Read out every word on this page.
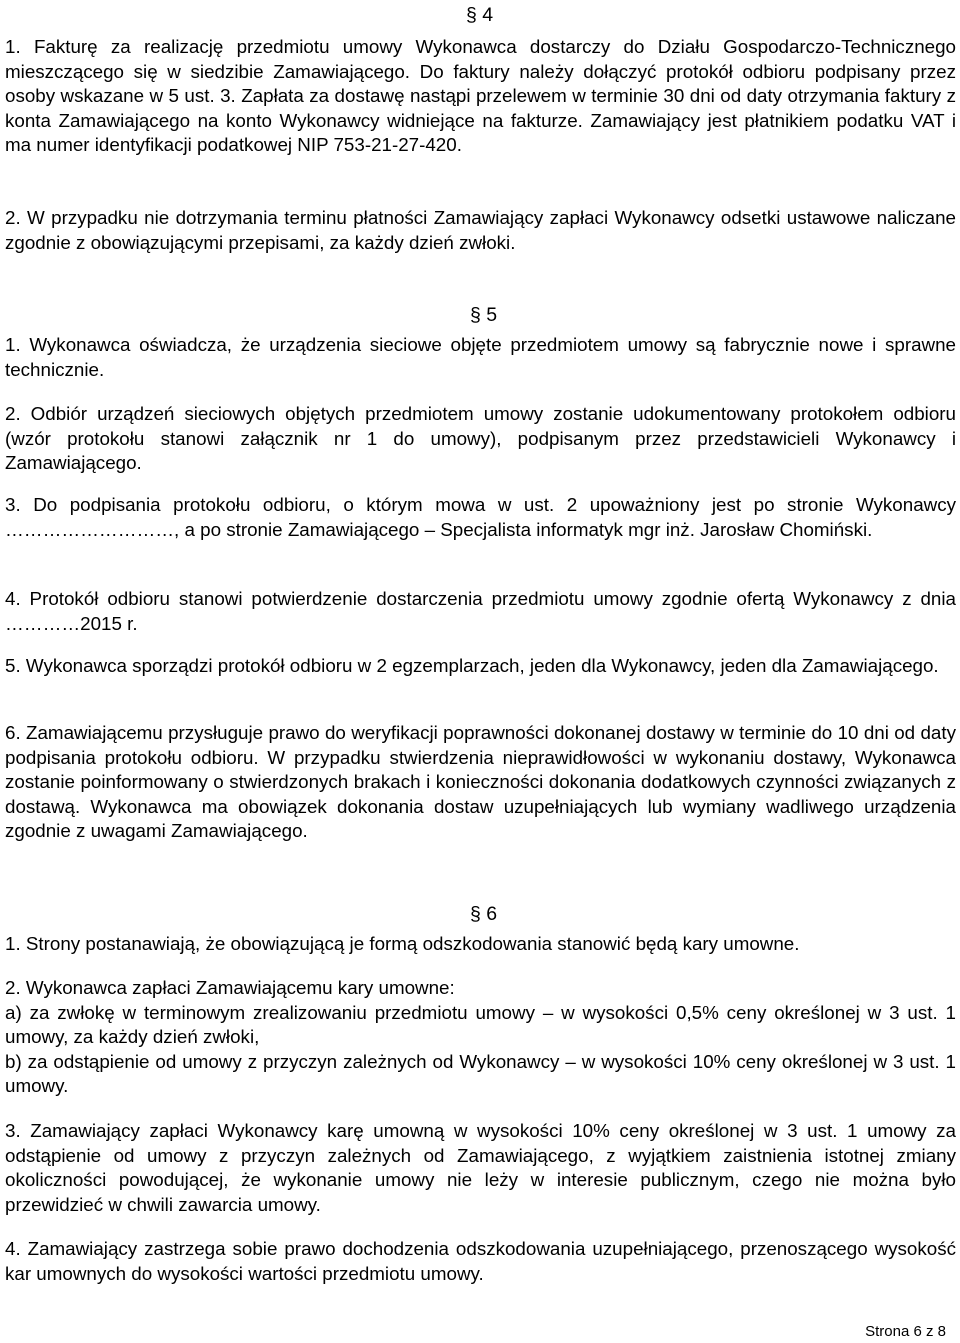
§ 4
1. Fakturę za realizację przedmiotu umowy Wykonawca dostarczy do Działu Gospodarczo-Technicznego mieszczącego się w siedzibie Zamawiającego. Do faktury należy dołączyć protokół odbioru podpisany przez osoby wskazane w 5 ust. 3. Zapłata za dostawę nastąpi przelewem w terminie 30 dni od daty otrzymania faktury z konta Zamawiającego na konto Wykonawcy widniejące na fakturze. Zamawiający jest płatnikiem podatku VAT i ma numer identyfikacji podatkowej NIP 753-21-27-420.

2. W przypadku nie dotrzymania terminu płatności Zamawiający zapłaci Wykonawcy odsetki ustawowe naliczane zgodnie z obowiązującymi przepisami, za każdy dzień zwłoki.

§ 5

1. Wykonawca oświadcza, że urządzenia sieciowe objęte przedmiotem umowy są fabrycznie nowe i sprawne technicznie.

2. Odbiór urządzeń sieciowych objętych przedmiotem umowy zostanie udokumentowany protokołem odbioru (wzór protokołu stanowi załącznik nr 1 do umowy), podpisanym przez przedstawicieli Wykonawcy i Zamawiającego.

3. Do podpisania protokołu odbioru, o którym mowa w ust. 2 upoważniony jest po stronie Wykonawcy ………………………, a po stronie Zamawiającego – Specjalista informatyk mgr inż. Jarosław Chomiński.

4. Protokół odbioru stanowi potwierdzenie dostarczenia przedmiotu umowy zgodnie ofertą Wykonawcy z dnia …………2015 r.

5. Wykonawca sporządzi protokół odbioru w 2 egzemplarzach, jeden dla Wykonawcy, jeden dla Zamawiającego.

6. Zamawiającemu przysługuje prawo do weryfikacji poprawności dokonanej dostawy w terminie do 10 dni od daty podpisania protokołu odbioru. W przypadku stwierdzenia nieprawidłowości w wykonaniu dostawy, Wykonawca zostanie poinformowany o stwierdzonych brakach i konieczności dokonania dodatkowych czynności związanych z dostawą. Wykonawca ma obowiązek dokonania dostaw uzupełniających lub wymiany wadliwego urządzenia zgodnie z uwagami Zamawiającego.

§ 6

1. Strony postanawiają, że obowiązującą je formą odszkodowania stanowić będą kary umowne.

2. Wykonawca zapłaci Zamawiającemu kary umowne:
a) za zwłokę w terminowym zrealizowaniu przedmiotu umowy – w wysokości 0,5% ceny określonej w 3 ust. 1 umowy, za każdy dzień zwłoki,
b) za odstąpienie od umowy z przyczyn zależnych od Wykonawcy – w wysokości 10% ceny określonej w 3 ust. 1 umowy.

3. Zamawiający zapłaci Wykonawcy karę umowną w wysokości 10% ceny określonej w 3 ust. 1 umowy za odstąpienie od umowy z przyczyn zależnych od Zamawiającego, z wyjątkiem zaistnienia istotnej zmiany okoliczności powodującej, że wykonanie umowy nie leży w interesie publicznym, czego nie można było przewidzieć w chwili zawarcia umowy.

4. Zamawiający zastrzega sobie prawo dochodzenia odszkodowania uzupełniającego, przenoszącego wysokość kar umownych do wysokości wartości przedmiotu umowy.

Strona 6 z 8
